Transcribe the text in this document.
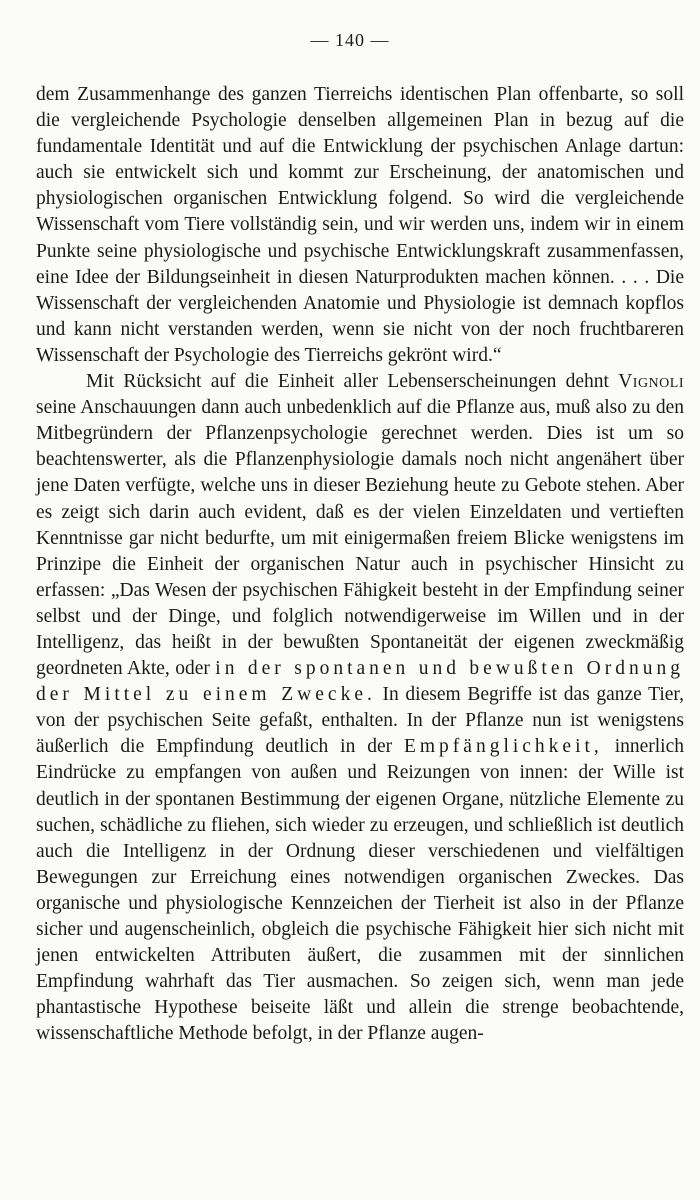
— 140 —

dem Zusammenhange des ganzen Tierreichs identischen Plan offenbarte, so soll die vergleichende Psychologie denselben allgemeinen Plan in bezug auf die fundamentale Identität und auf die Entwicklung der psychischen Anlage dartun: auch sie entwickelt sich und kommt zur Erscheinung, der anatomischen und physiologischen organischen Entwicklung folgend. So wird die vergleichende Wissenschaft vom Tiere vollständig sein, und wir werden uns, indem wir in einem Punkte seine physiologische und psychische Entwicklungskraft zusammenfassen, eine Idee der Bildungseinheit in diesen Naturprodukten machen können. . . . Die Wissenschaft der vergleichenden Anatomie und Physiologie ist demnach kopflos und kann nicht verstanden werden, wenn sie nicht von der noch fruchtbareren Wissenschaft der Psychologie des Tierreichs gekrönt wird.“

Mit Rücksicht auf die Einheit aller Lebenserscheinungen dehnt Vignoli seine Anschauungen dann auch unbedenklich auf die Pflanze aus, muß also zu den Mitbegründern der Pflanzenpsychologie gerechnet werden. Dies ist um so beachtenswerter, als die Pflanzenphysiologie damals noch nicht angenähert über jene Daten verfügte, welche uns in dieser Beziehung heute zu Gebote stehen. Aber es zeigt sich darin auch evident, daß es der vielen Einzeldaten und vertieften Kenntnisse gar nicht bedurfte, um mit einigermaßen freiem Blicke wenigstens im Prinzipe die Einheit der organischen Natur auch in psychischer Hinsicht zu erfassen: „Das Wesen der psychischen Fähigkeit besteht in der Empfindung seiner selbst und der Dinge, und folglich notwendigerweise im Willen und in der Intelligenz, das heißt in der bewußten Spontaneität der eigenen zweckmäßig geordneten Akte, oder in der spontanen und bewußten Ordnung der Mittel zu einem Zwecke. In diesem Begriffe ist das ganze Tier, von der psychischen Seite gefaßt, enthalten. In der Pflanze nun ist wenigstens äußerlich die Empfindung deutlich in der Empfänglichkeit, innerlich Eindrücke zu empfangen von außen und Reizungen von innen: der Wille ist deutlich in der spontanen Bestimmung der eigenen Organe, nützliche Elemente zu suchen, schädliche zu fliehen, sich wieder zu erzeugen, und schließlich ist deutlich auch die Intelligenz in der Ordnung dieser verschiedenen und vielfältigen Bewegungen zur Erreichung eines notwendigen organischen Zweckes. Das organische und physiologische Kennzeichen der Tierheit ist also in der Pflanze sicher und augenscheinlich, obgleich die psychische Fähigkeit hier sich nicht mit jenen entwickelten Attributen äußert, die zusammen mit der sinnlichen Empfindung wahrhaft das Tier ausmachen. So zeigen sich, wenn man jede phantastische Hypothese beiseite läßt und allein die strenge beobachtende, wissenschaftliche Methode befolgt, in der Pflanze augen-
